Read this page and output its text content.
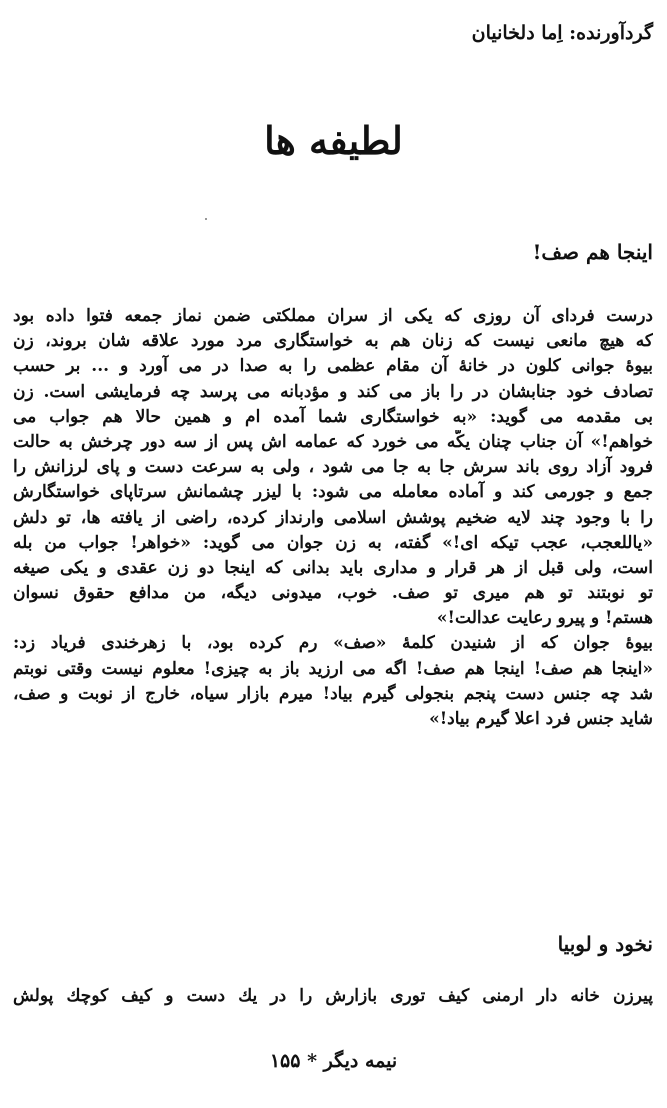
گردآورنده: اِما دلخانیان
لطیفه ها
اینجا هم صف!
درست فردای آن روزی که یکی از سران مملکتی ضمن نماز جمعه فتوا داده بود
که هیچ مانعی نیست که زنان هم به خواستگاری مرد مورد علاقه شان بروند، زن
بیوهٔ جوانی کلون در خانهٔ آن مقام عظمی را به صدا در می آورد و ... بر حسب
تصادف خود جنابشان در را باز می کند و مؤدبانه می پرسد چه فرمایشی است. زن
بی مقدمه می گوید: «به خواستگاری شما آمده ام و همین حالا هم جواب می
خواهم!» آن جناب چنان یکّه می خورد که عمامه اش پس از سه دور چرخش به حالت
فرود آزاد روی باند سرش جا به جا می شود ، ولی به سرعت دست و پای لرزانش را
جمع و جورمی کند و آماده معامله می شود: با لیزر چشمانش سرتاپای خواستگارش
را با وجود چند لایه ضخیم پوشش اسلامی وارنداز کرده، راضی از یافته ها، تو دلش
«یاللعجب، عجب تیکه ای!» گفته، به زن جوان می گوید: «خواهر! جواب من بله
است، ولی قبل از هر قرار و مداری باید بدانی که اینجا دو زن عقدی و یکی صیغه
تو نوبتند تو هم میری تو صف. خوب، میدونی دیگه، من مدافع حقوق نسوان
هستم! و پیرو رعایت عدالت!»
بیوهٔ جوان که از شنیدن کلمهٔ «صف» رم کرده بود، با زهرخندی فریاد زد:
«اینجا هم صف! اینجا هم صف! اگه می ارزید باز به چیزی! معلوم نیست وقتی نوبتم
شد چه جنس دست پنجم بنجولی گیرم بیاد! میرم بازار سیاه، خارج از نوبت و صف،
شاید جنس فرد اعلا گیرم بیاد!»
نخود و لوبیا
پیرزن خانه دار ارمنی کیف توری بازارش را در یك دست و کیف کوچك پولش
نیمه دیگر * ۱۵۵
